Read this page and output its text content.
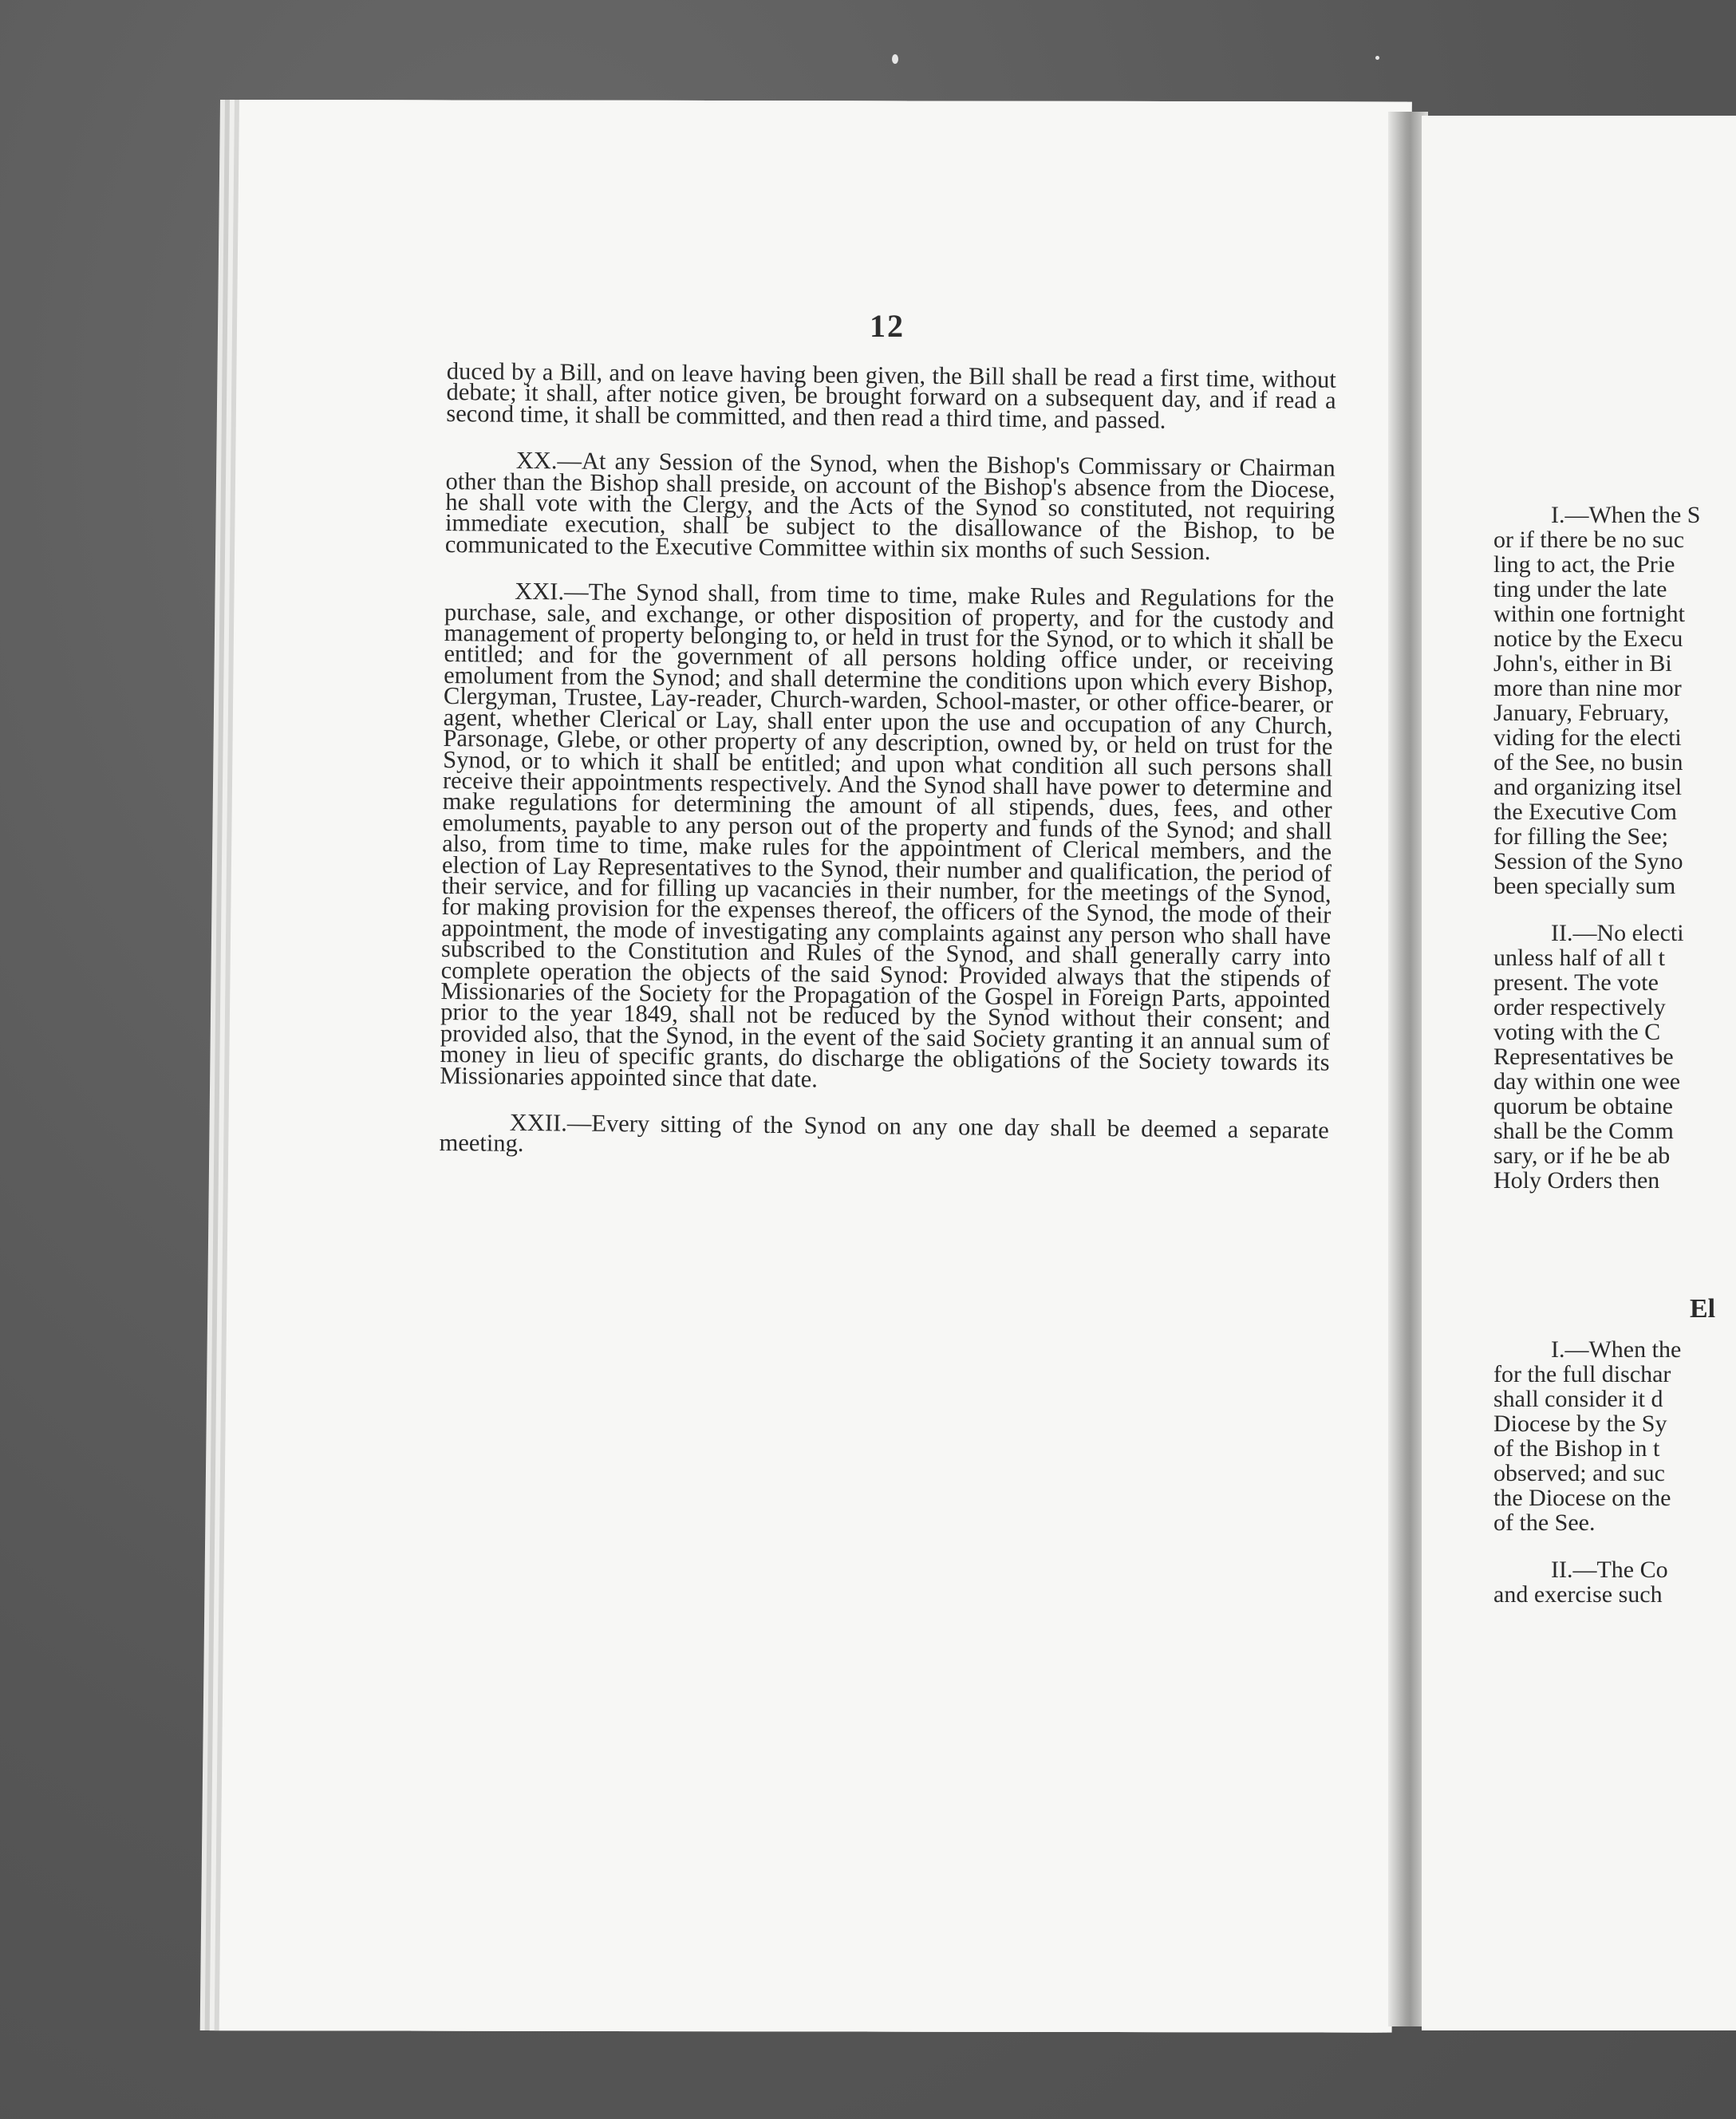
12

duced by a Bill, and on leave having been given, the Bill shall be read a first time, without debate; it shall, after notice given, be brought forward on a subsequent day, and if read a second time, it shall be committed, and then read a third time, and passed.

XX.—At any Session of the Synod, when the Bishop's Commissary or Chairman other than the Bishop shall preside, on account of the Bishop's absence from the Diocese, he shall vote with the Clergy, and the Acts of the Synod so constituted, not requiring immediate execution, shall be subject to the disallowance of the Bishop, to be communicated to the Executive Committee within six months of such Session.

XXI.—The Synod shall, from time to time, make Rules and Regulations for the purchase, sale, and exchange, or other disposition of property, and for the custody and management of property belonging to, or held in trust for the Synod, or to which it shall be entitled; and for the government of all persons holding office under, or receiving emolument from the Synod; and shall determine the conditions upon which every Bishop, Clergyman, Trustee, Lay-reader, Church-warden, School-master, or other office-bearer, or agent, whether Clerical or Lay, shall enter upon the use and occupation of any Church, Parsonage, Glebe, or other property of any description, owned by, or held on trust for the Synod, or to which it shall be entitled; and upon what condition all such persons shall receive their appointments respectively. And the Synod shall have power to determine and make regulations for determining the amount of all stipends, dues, fees, and other emoluments, payable to any person out of the property and funds of the Synod; and shall also, from time to time, make rules for the appointment of Clerical members, and the election of Lay Representatives to the Synod, their number and qualification, the period of their service, and for filling up vacancies in their number, for the meetings of the Synod, for making provision for the expenses thereof, the officers of the Synod, the mode of their appointment, the mode of investigating any complaints against any person who shall have subscribed to the Constitution and Rules of the Synod, and shall generally carry into complete operation the objects of the said Synod: Provided always that the stipends of Missionaries of the Society for the Propagation of the Gospel in Foreign Parts, appointed prior to the year 1849, shall not be reduced by the Synod without their consent; and provided also, that the Synod, in the event of the said Society granting it an annual sum of money in lieu of specific grants, do discharge the obligations of the Society towards its Missionaries appointed since that date.

XXII.—Every sitting of the Synod on any one day shall be deemed a separate meeting.

I.—When the S
or if there be no suc
ling to act, the Prie
ting under the late
within one fortnight
notice by the Execu
John's, either in Bi
more than nine mor
January, February,
viding for the electi
of the See, no busin
and organizing itsel
the Executive Com
for filling the See;
Session of the Syno
been specially sum
II.—No electi
unless half of all t
present. The vote
order respectively
voting with the C
Representatives be
day within one wee
quorum be obtaine
shall be the Comm
sary, or if he be ab
Holy Orders then
El
I.—When the
for the full dischar
shall consider it d
Diocese by the Sy
of the Bishop in t
observed; and suc
the Diocese on the
of the See.
II.—The Co
and exercise such
